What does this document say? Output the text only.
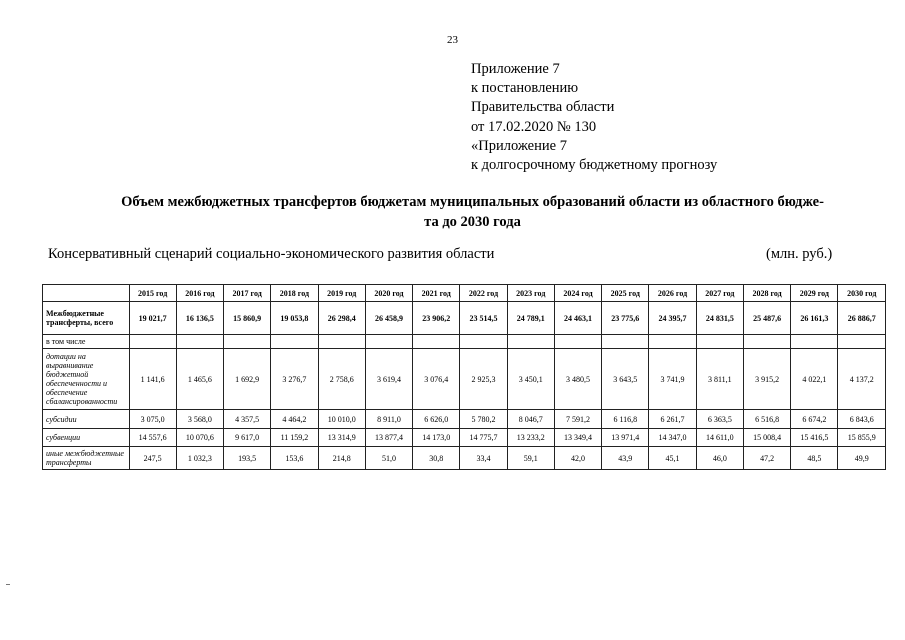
23
Приложение 7
к постановлению
Правительства области
от 17.02.2020 № 130
«Приложение 7
к долгосрочному бюджетному прогнозу
Объем межбюджетных трансфертов бюджетам муниципальных образований области из областного бюдже-
та до 2030 года
Консервативный сценарий социально-экономического развития области	(млн. руб.)
	2015 год	2016 год	2017 год	2018 год	2019 год	2020 год	2021 год	2022 год	2023 год	2024 год	2025 год	2026 год	2027 год	2028 год	2029 год	2030 год
Межбюджетные трансферты, всего	19 021,7	16 136,5	15 860,9	19 053,8	26 298,4	26 458,9	23 906,2	23 514,5	24 789,1	24 463,1	23 775,6	24 395,7	24 831,5	25 487,6	26 161,3	26 886,7
в том числе																
дотации на выравнивание бюджетной обеспеченности и обеспечение сбалансированности	1 141,6	1 465,6	1 692,9	3 276,7	2 758,6	3 619,4	3 076,4	2 925,3	3 450,1	3 480,5	3 643,5	3 741,9	3 811,1	3 915,2	4 022,1	4 137,2
субсидии	3 075,0	3 568,0	4 357,5	4 464,2	10 010,0	8 911,0	6 626,0	5 780,2	8 046,7	7 591,2	6 116,8	6 261,7	6 363,5	6 516,8	6 674,2	6 843,6
субвенции	14 557,6	10 070,6	9 617,0	11 159,2	13 314,9	13 877,4	14 173,0	14 775,7	13 233,2	13 349,4	13 971,4	14 347,0	14 611,0	15 008,4	15 416,5	15 855,9
иные межбюджетные трансферты	247,5	1 032,3	193,5	153,6	214,8	51,0	30,8	33,4	59,1	42,0	43,9	45,1	46,0	47,2	48,5	49,9
